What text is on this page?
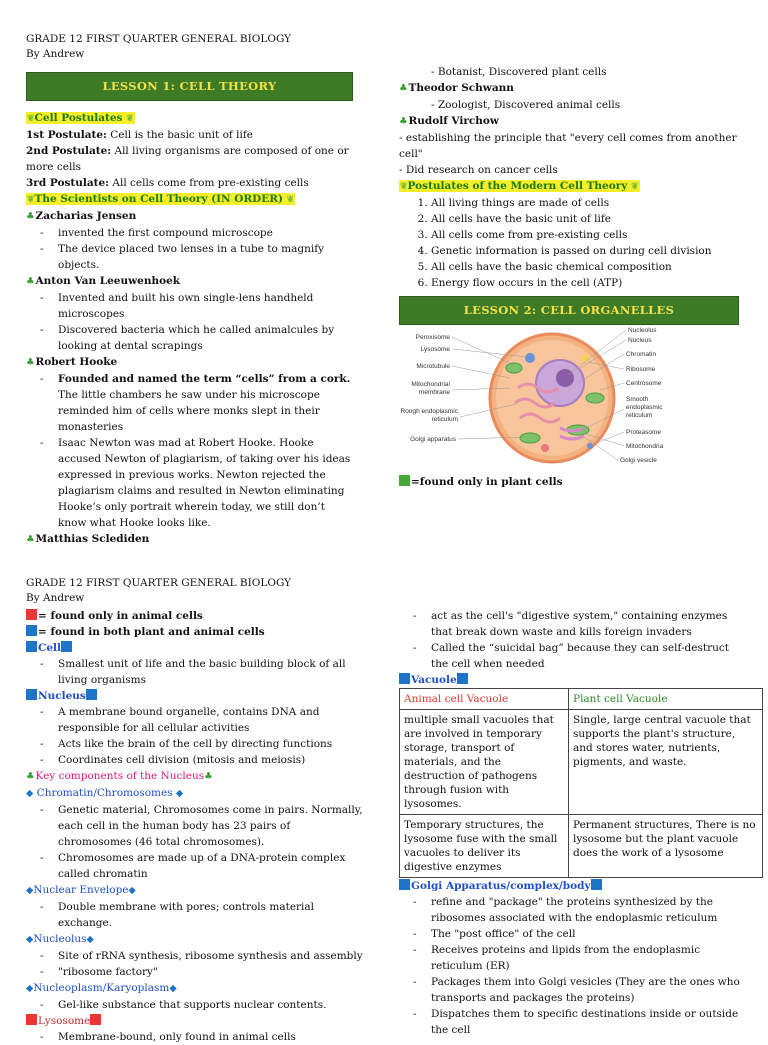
GRADE 12 FIRST QUARTER GENERAL BIOLOGY
By Andrew
LESSON 1: CELL THEORY
❦Cell Postulates ❦
1st Postulate: Cell is the basic unit of life
2nd Postulate: All living organisms are composed of one or more cells
3rd Postulate: All cells come from pre-existing cells
❦The Scientists on Cell Theory (IN ORDER) ❦
♣Zacharias Jensen
- invented the first compound microscope
- The device placed two lenses in a tube to magnify objects.
♣Anton Van Leeuwenhoek
- Invented and built his own single-lens handheld microscopes
- Discovered bacteria which he called animalcules by looking at dental scrapings
♣Robert Hooke
- Founded and named the term “cells” from a cork. The little chambers he saw under his microscope reminded him of cells where monks slept in their monasteries
- Isaac Newton was mad at Robert Hooke. Hooke accused Newton of plagiarism, of taking over his ideas expressed in previous works. Newton rejected the plagiarism claims and resulted in Newton eliminating Hooke’s only portrait wherein today, we still don’t know what Hooke looks like.
♣Matthias Sclediden
- Botanist, Discovered plant cells
♣Theodor Schwann
- Zoologist, Discovered animal cells
♣Rudolf Virchow
- establishing the principle that "every cell comes from another cell"
- Did research on cancer cells
❦Postulates of the Modern Cell Theory ❦
1. All living things are made of cells
2. All cells have the basic unit of life
3. All cells come from pre-existing cells
4. Genetic information is passed on during cell division
5. All cells have the basic chemical composition
6. Energy flow occurs in the cell (ATP)
LESSON 2: CELL ORGANELLES
Peroxisome
Lysosome
Microtubule
Mitochondrial
membrane
Rough endoplasmic
reticulum
Golgi apparatus
Nucleolus
Nucleus
Chromatin
Ribosome
Centrosome
Smooth
endoplasmic
reticulum
Proteasome
Mitochondria
Golgi vesicle
=found only in plant cells
GRADE 12 FIRST QUARTER GENERAL BIOLOGY
By Andrew
= found only in animal cells
= found in both plant and animal cells
Cell
- Smallest unit of life and the basic building block of all living organisms
Nucleus
- A membrane bound organelle, contains DNA and responsible for all cellular activities
- Acts like the brain of the cell by directing functions
- Coordinates cell division (mitosis and meiosis)
♣Key components of the Nucleus♣
◆ Chromatin/Chromosomes ◆
- Genetic material, Chromosomes come in pairs. Normally, each cell in the human body has 23 pairs of chromosomes (46 total chromosomes).
- Chromosomes are made up of a DNA-protein complex called chromatin
◆Nuclear Envelope◆
- Double membrane with pores; controls material exchange.
◆Nucleolus◆
- Site of rRNA synthesis, ribosome synthesis and assembly
- "ribosome factory"
◆Nucleoplasm/Karyoplasm◆
- Gel-like substance that supports nuclear contents.
Lysosome
- Membrane-bound, only found in animal cells
- act as the cell's "digestive system," containing enzymes that break down waste and kills foreign invaders
- Called the “suicidal bag” because they can self-destruct the cell when needed
Vacuole
Animal cell Vacuole	Plant cell Vacuole
multiple small vacuoles that are involved in temporary storage, transport of materials, and the destruction of pathogens through fusion with lysosomes.	Single, large central vacuole that supports the plant's structure, and stores water, nutrients, pigments, and waste.
Temporary structures, the lysosome fuse with the small vacuoles to deliver its digestive enzymes	Permanent structures, There is no lysosome but the plant vacuole does the work of a lysosome
Golgi Apparatus/complex/body
- refine and "package" the proteins synthesized by the ribosomes associated with the endoplasmic reticulum
- The "post office" of the cell
- Receives proteins and lipids from the endoplasmic reticulum (ER)
- Packages them into Golgi vesicles (They are the ones who transports and packages the proteins)
- Dispatches them to specific destinations inside or outside the cell
